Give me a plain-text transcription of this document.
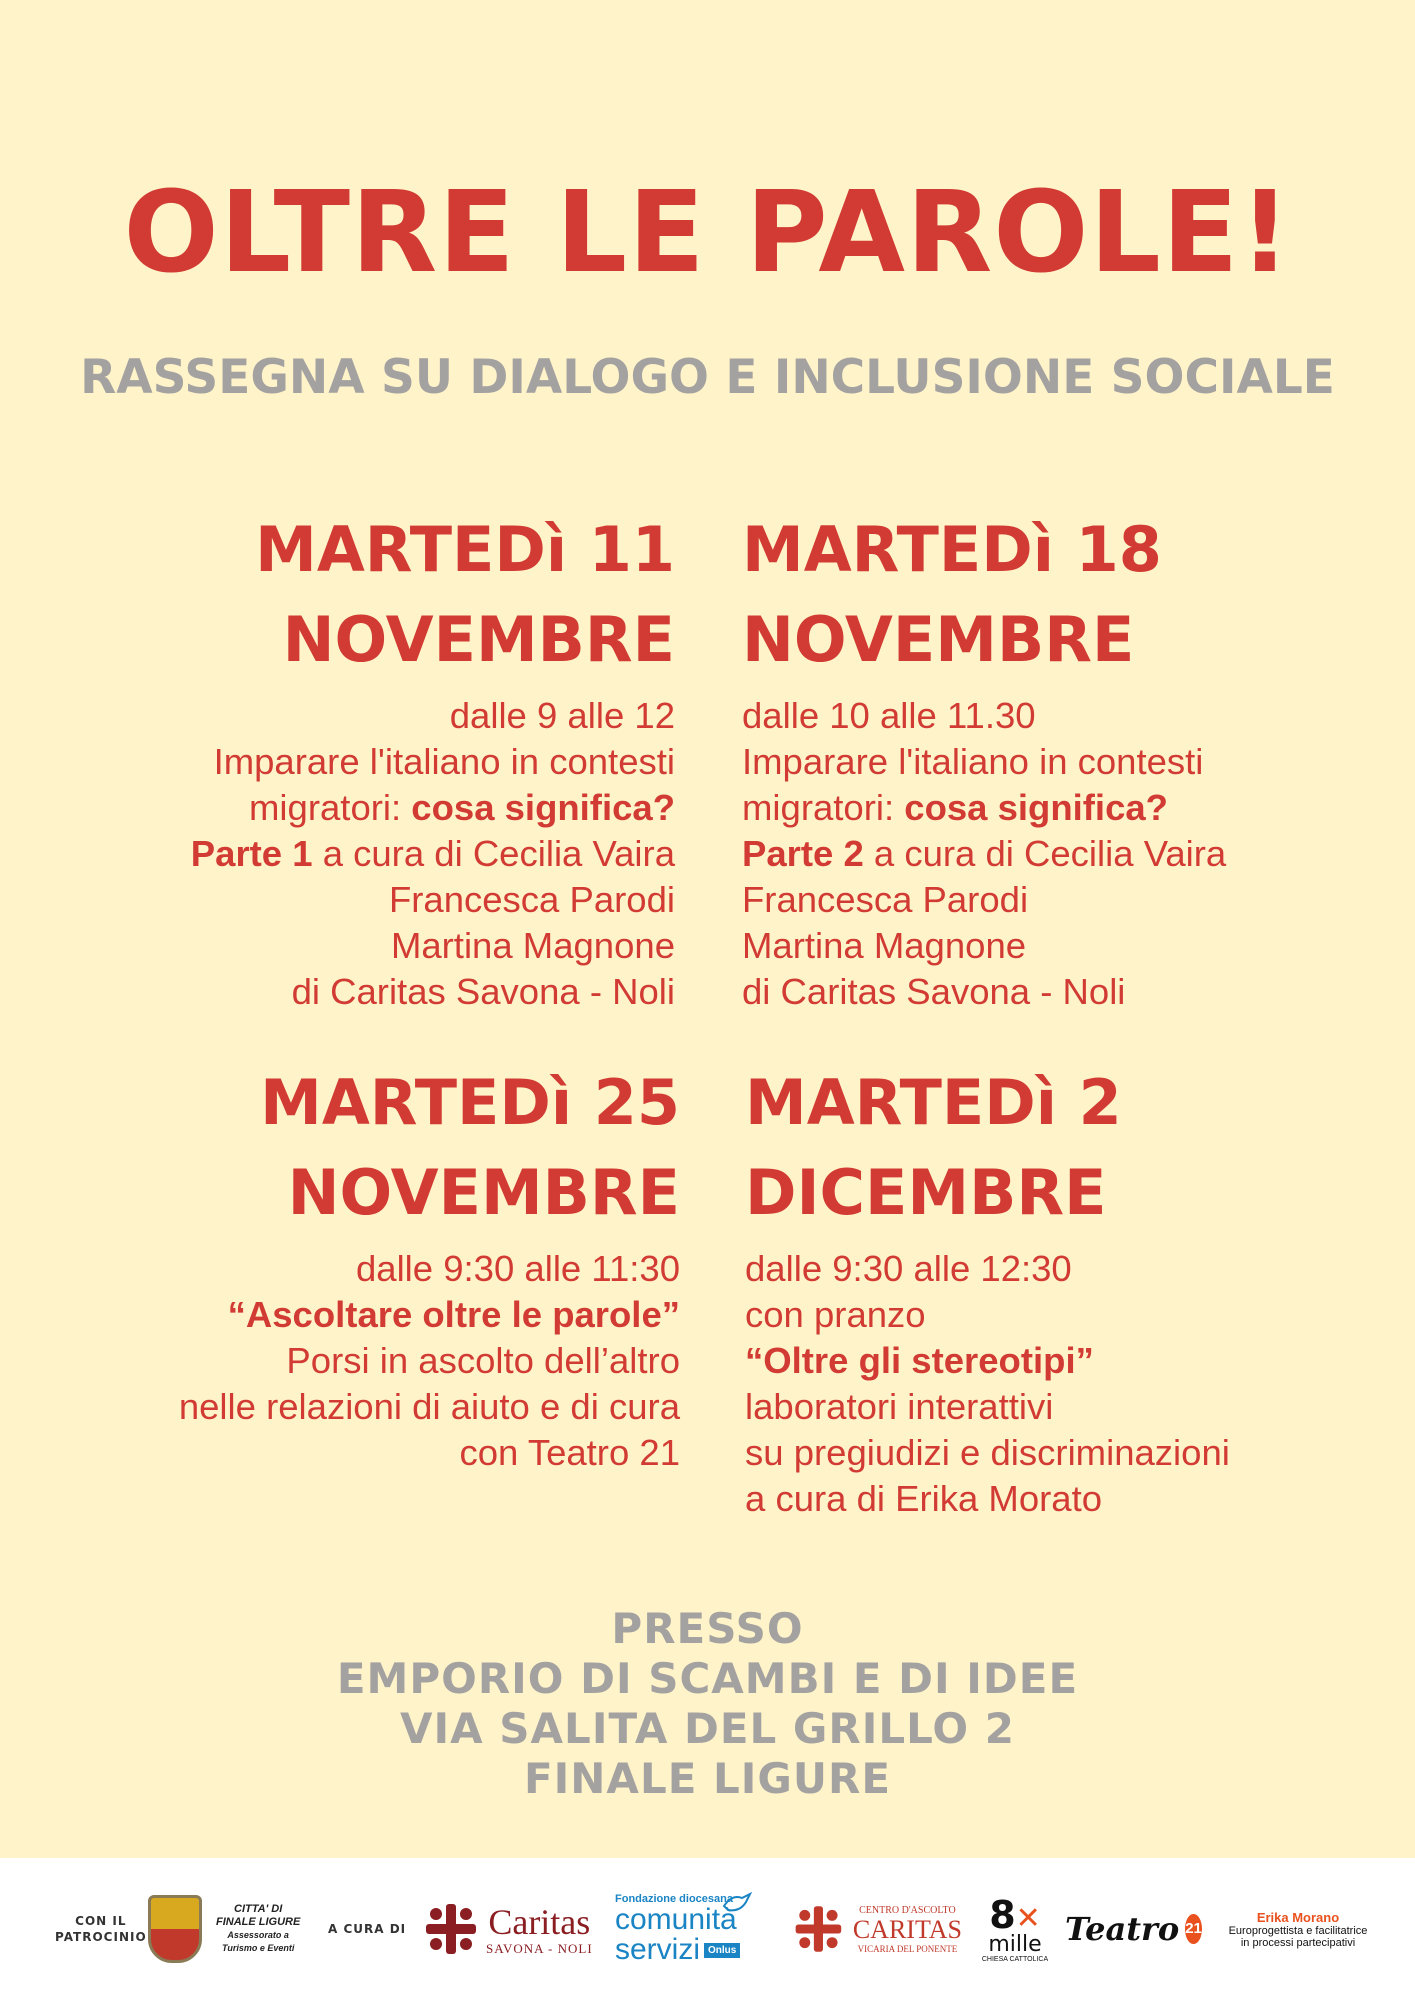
OLTRE LE PAROLE!
RASSEGNA SU DIALOGO E INCLUSIONE SOCIALE
MARTEDì 11
NOVEMBRE
dalle 9 alle 12
Imparare l'italiano in contesti
migratori: cosa significa?
Parte 1 a cura di Cecilia Vaira
Francesca Parodi
Martina Magnone
di Caritas Savona - Noli
MARTEDì 18
NOVEMBRE
dalle 10 alle 11.30
Imparare l'italiano in contesti
migratori: cosa significa?
Parte 2 a cura di Cecilia Vaira
Francesca Parodi
Martina Magnone
di Caritas Savona - Noli
MARTEDì 25
NOVEMBRE
dalle 9:30 alle 11:30
“Ascoltare oltre le parole”
Porsi in ascolto dell’altro
nelle relazioni di aiuto e di cura
con Teatro 21
MARTEDì 2
DICEMBRE
dalle 9:30 alle 12:30
con pranzo
“Oltre gli stereotipi”
laboratori interattivi
su pregiudizi e discriminazioni
a cura di Erika Morato
PRESSO
EMPORIO DI SCAMBI E DI IDEE
VIA SALITA DEL GRILLO 2
FINALE LIGURE
CON IL
PATROCINIO
CITTA' DI
FINALE LIGURE
Assessorato a
Turismo e Eventi
A CURA DI Caritas
SAVONA - NOLI
Fondazione diocesana
comunità
servizi Onlus
CENTRO D'ASCOLTO
CARITAS
VICARIA DEL PONENTE
8 ✕
mille
CHIESA CATTOLICA
Teatro 21
Erika Morano
Europrogettista e facilitatrice
in processi partecipativi
